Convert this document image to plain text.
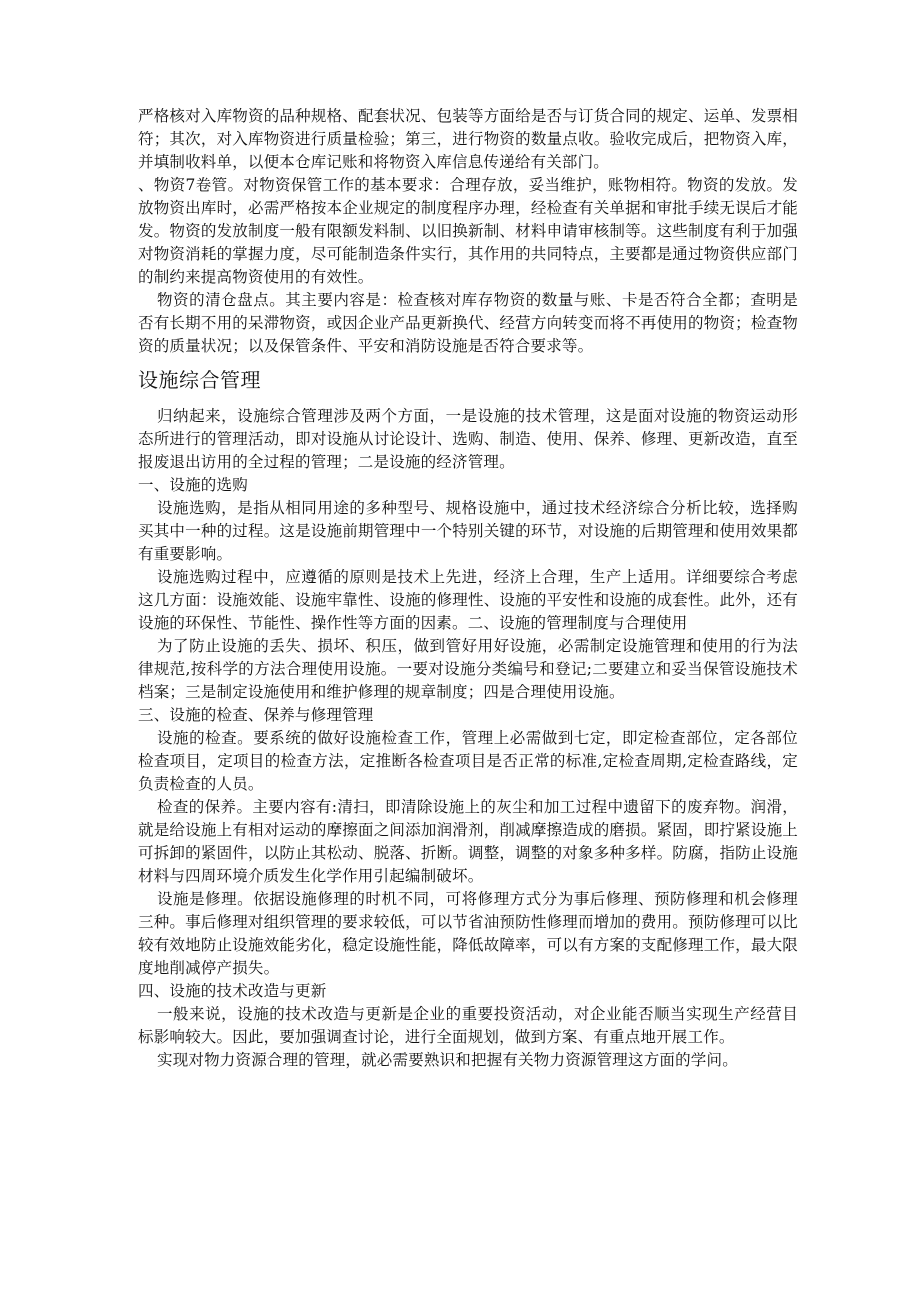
严格核对入库物资的品种规格、配套状况、包装等方面给是否与订货合同的规定、运单、发票相符；其次，对入库物资进行质量检验；第三，进行物资的数量点收。验收完成后，把物资入库，并填制收料单，以便本仓库记账和将物资入库信息传递给有关部门。

、物资7卷管。对物资保管工作的基本要求：合理存放，妥当维护，账物相符。物资的发放。发放物资出库时，必需严格按本企业规定的制度程序办理，经检查有关单据和审批手续无误后才能发。物资的发放制度一般有限额发料制、以旧换新制、材料申请审核制等。这些制度有利于加强对物资消耗的掌握力度，尽可能制造条件实行，其作用的共同特点，主要都是通过物资供应部门的制约来提高物资使用的有效性。

物资的清仓盘点。其主要内容是：检查核对库存物资的数量与账、卡是否符合全都；查明是否有长期不用的呆滞物资，或因企业产品更新换代、经营方向转变而将不再使用的物资；检查物资的质量状况；以及保管条件、平安和消防设施是否符合要求等。

设施综合管理

归纳起来，设施综合管理涉及两个方面，一是设施的技术管理，这是面对设施的物资运动形态所进行的管理活动，即对设施从讨论设计、选购、制造、使用、保养、修理、更新改造，直至报废退出访用的全过程的管理；二是设施的经济管理。

一、设施的选购

设施选购，是指从相同用途的多种型号、规格设施中，通过技术经济综合分析比较，选择购买其中一种的过程。这是设施前期管理中一个特别关键的环节，对设施的后期管理和使用效果都有重要影响。

设施选购过程中，应遵循的原则是技术上先进，经济上合理，生产上适用。详细要综合考虑这几方面：设施效能、设施牢靠性、设施的修理性、设施的平安性和设施的成套性。此外，还有设施的环保性、节能性、操作性等方面的因素。二、设施的管理制度与合理使用

为了防止设施的丢失、损坏、积压，做到管好用好设施，必需制定设施管理和使用的行为法律规范,按科学的方法合理使用设施。一要对设施分类编号和登记;二要建立和妥当保管设施技术档案；三是制定设施使用和维护修理的规章制度；四是合理使用设施。

三、设施的检查、保养与修理管理

设施的检查。要系统的做好设施检查工作，管理上必需做到七定，即定检查部位，定各部位检查项目，定项目的检查方法，定推断各检查项目是否正常的标准,定检查周期,定检查路线，定负责检查的人员。

检查的保养。主要内容有:清扫，即清除设施上的灰尘和加工过程中遗留下的废弃物。润滑，就是给设施上有相对运动的摩擦面之间添加润滑剂，削减摩擦造成的磨损。紧固，即拧紧设施上可拆卸的紧固件，以防止其松动、脱落、折断。调整，调整的对象多种多样。防腐，指防止设施材料与四周环境介质发生化学作用引起编制破坏。

设施是修理。依据设施修理的时机不同，可将修理方式分为事后修理、预防修理和机会修理三种。事后修理对组织管理的要求较低，可以节省油预防性修理而增加的费用。预防修理可以比较有效地防止设施效能劣化，稳定设施性能，降低故障率，可以有方案的支配修理工作，最大限度地削减停产损失。

四、设施的技术改造与更新

一般来说，设施的技术改造与更新是企业的重要投资活动，对企业能否顺当实现生产经营目标影响较大。因此，要加强调查讨论，进行全面规划，做到方案、有重点地开展工作。

实现对物力资源合理的管理，就必需要熟识和把握有关物力资源管理这方面的学问。
